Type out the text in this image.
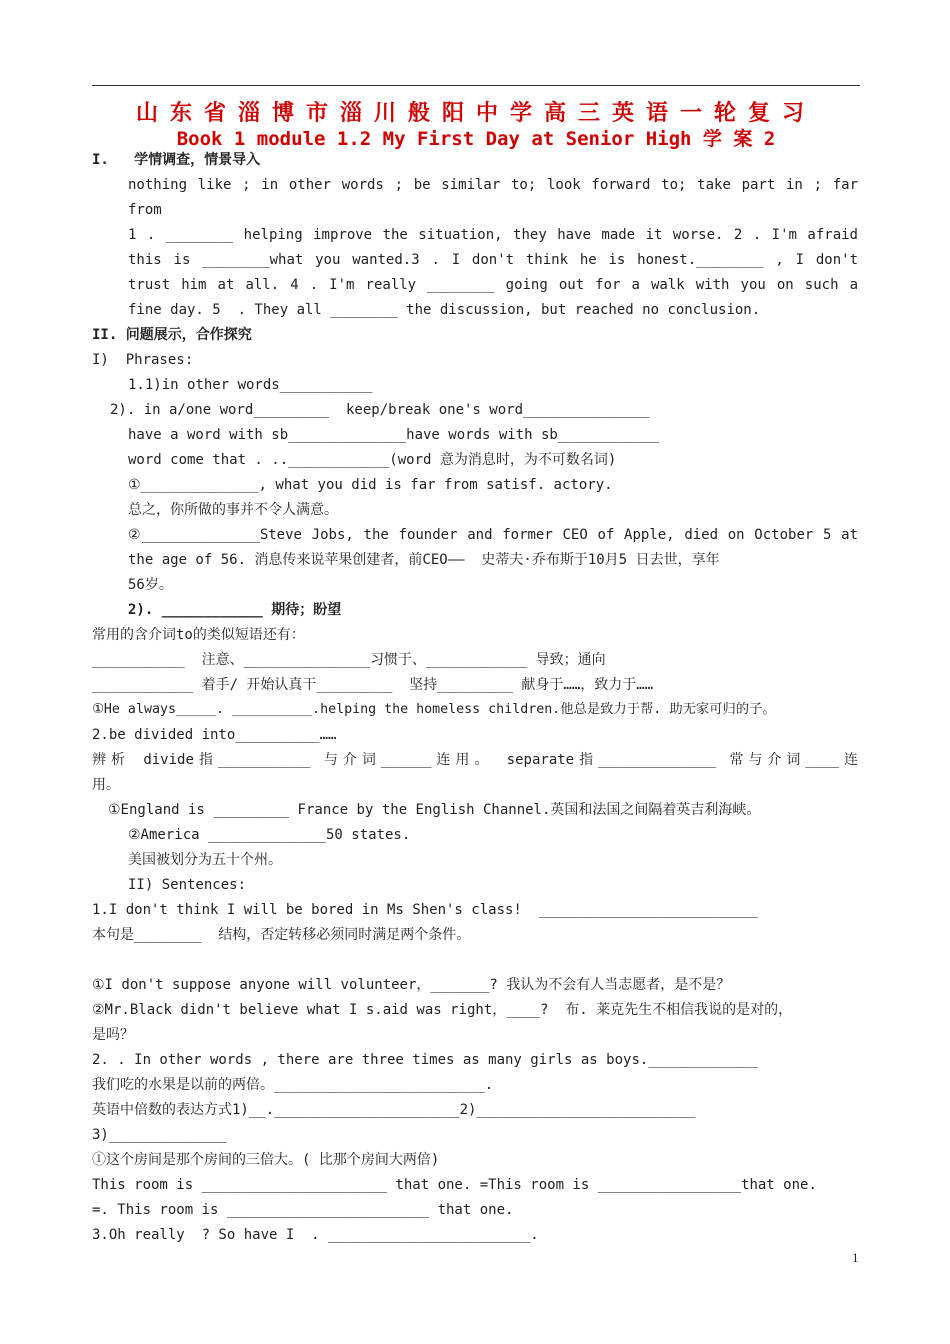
山东省淄博市淄川般阳中学高三英语一轮复习
Book 1 module 1.2 My First Day at Senior High 学 案 2
I.   学情调查，情景导入
nothing like ; in other words ; be similar to; look forward to; take part in ; far
from
1 . ________ helping improve the situation, they have made it worse. 2 . I'm afraid
this is ________what you wanted.3 . I don't think he is honest.________ , I don't
trust him at all. 4 . I'm really ________ going out for a walk with you on such a
fine day. 5  . They all ________ the discussion, but reached no conclusion.
II. 问题展示，合作探究
I)  Phrases:
1.1)in other words___________
2). in a/one word_________  keep/break one's word_______________
have a word with sb______________have words with sb____________
word come that . ..____________(word 意为消息时，为不可数名词)
①______________, what you did is far from satisf. actory.
总之，你所做的事并不令人满意。
②______________Steve Jobs, the founder and former CEO of Apple, died on October 5 at
the age of 56. 消息传来说苹果创建者，前CEO——  史蒂夫·乔布斯于10月5 日去世，享年
56岁。
2). ____________ 期待；盼望
常用的含介词to的类似短语还有：
___________  注意、_______________习惯于、____________ 导致；通向
____________ 着手/ 开始认真干_________  坚持_________ 献身于……，致力于……
①He always_____. __________.helping the homeless children.他总是致力于帮. 助无家可归的子。
2.be divided into__________……
辨析 divide指___________ 与介词______连用。 separate指______________ 常与介词____连
用。
①England is _________ France by the English Channel.英国和法国之间隔着英吉利海峡。
②America ______________50 states.
美国被划分为五十个州。
II) Sentences:
1.I don't think I will be bored in Ms Shen's class!  __________________________
本句是________  结构，否定转移必须同时满足两个条件。
①I don't suppose anyone will volunteer，_______? 我认为不会有人当志愿者，是不是？
②Mr.Black didn't believe what I s.aid was right，____?  布. 莱克先生不相信我说的是对的，
是吗？
2. . In other words , there are three times as many girls as boys._____________
我们吃的水果是以前的两倍。_________________________.
英语中倍数的表达方式1)__.______________________2)__________________________
3)______________
①这个房间是那个房间的三倍大。( 比那个房间大两倍)
This room is ______________________ that one. =This room is _________________that one.
=. This room is ________________________ that one.
3.Oh really  ? So have I  . ________________________.
1
